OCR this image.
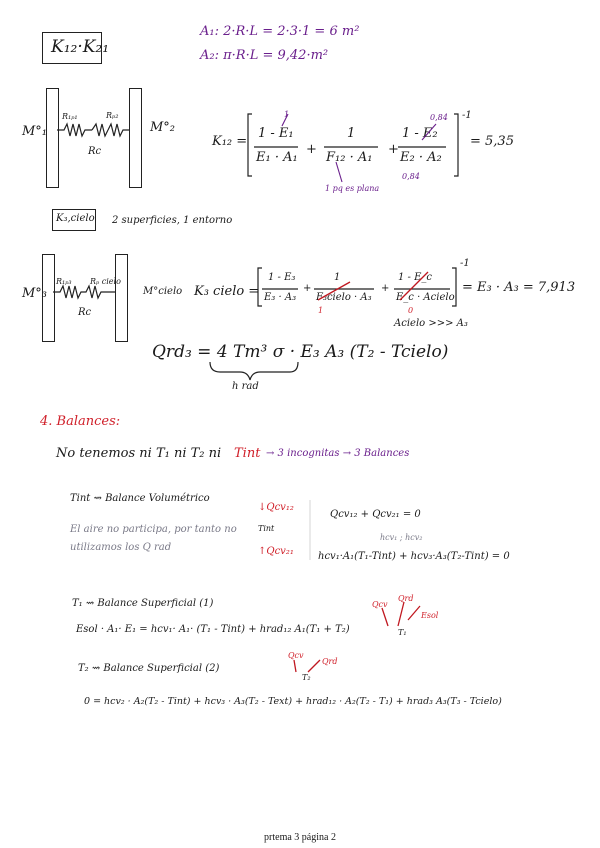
A₁: 2·R·L = 2·3·1 = 6 m²
A₂: π·R·L = 9,42·m²
K₁₂·K₂₁
M°₁	M°₂
R₁ₚ₁	Rₚ₂
Rc
K₁₂ =
1 - E₁
E₁ · A₁
+
1
F₁₂ · A₁
+
1 - E₂
E₂ · A₂
1	0,84
0,84
1 pq es plana
-1
= 5,35
K₃,cielo 2 superficies, 1 entorno
M°₃	M°cielo
R₁ₚ₃ Rₚ cielo
Rc
K₃ cielo =
1 - E₃
E₃ · A₃
+
1
F₃cielo · A₃
+
1 - E_c
E_c · Acielo
1	0
-1
= E₃ · A₃ = 7,913
Acielo >>> A₃
Qrd₃ = 4 Tm³ σ · E₃ A₃ (T₂ - Tcielo)
h rad
4. Balances:
No tenemos ni T₁ ni T₂ ni Tint → 3 incognitas → 3 Balances
Tint ⇝ Balance Volumétrico
El aire no participa, por tanto no
utilizamos los Q rad
↓Qcv₁₂
Tint
↑Qcv₂₁
Qcv₁₂ + Qcv₂₁ = 0
hcv₁ ; hcv₂
hcv₁·A₁(T₁-Tint) + hcv₃·A₃(T₂-Tint) = 0
T₁ ⇝ Balance Superficial (1)	Qcv
Qrd
Esol
T₁
Esol · A₁· E₁ = hcv₁· A₁· (T₁ - Tint) + hrad₁₂ A₁(T₁ + T₂)
T₂ ⇝ Balance Superficial (2)
Qcv
Qrd
T₂
0 = hcv₂ · A₂(T₂ - Tint) + hcv₃ · A₃(T₂ - Text) + hrad₁₂ · A₂(T₂ - T₁) + hrad₃ A₃(T₃ - Tcielo)
prtema 3 página 2
